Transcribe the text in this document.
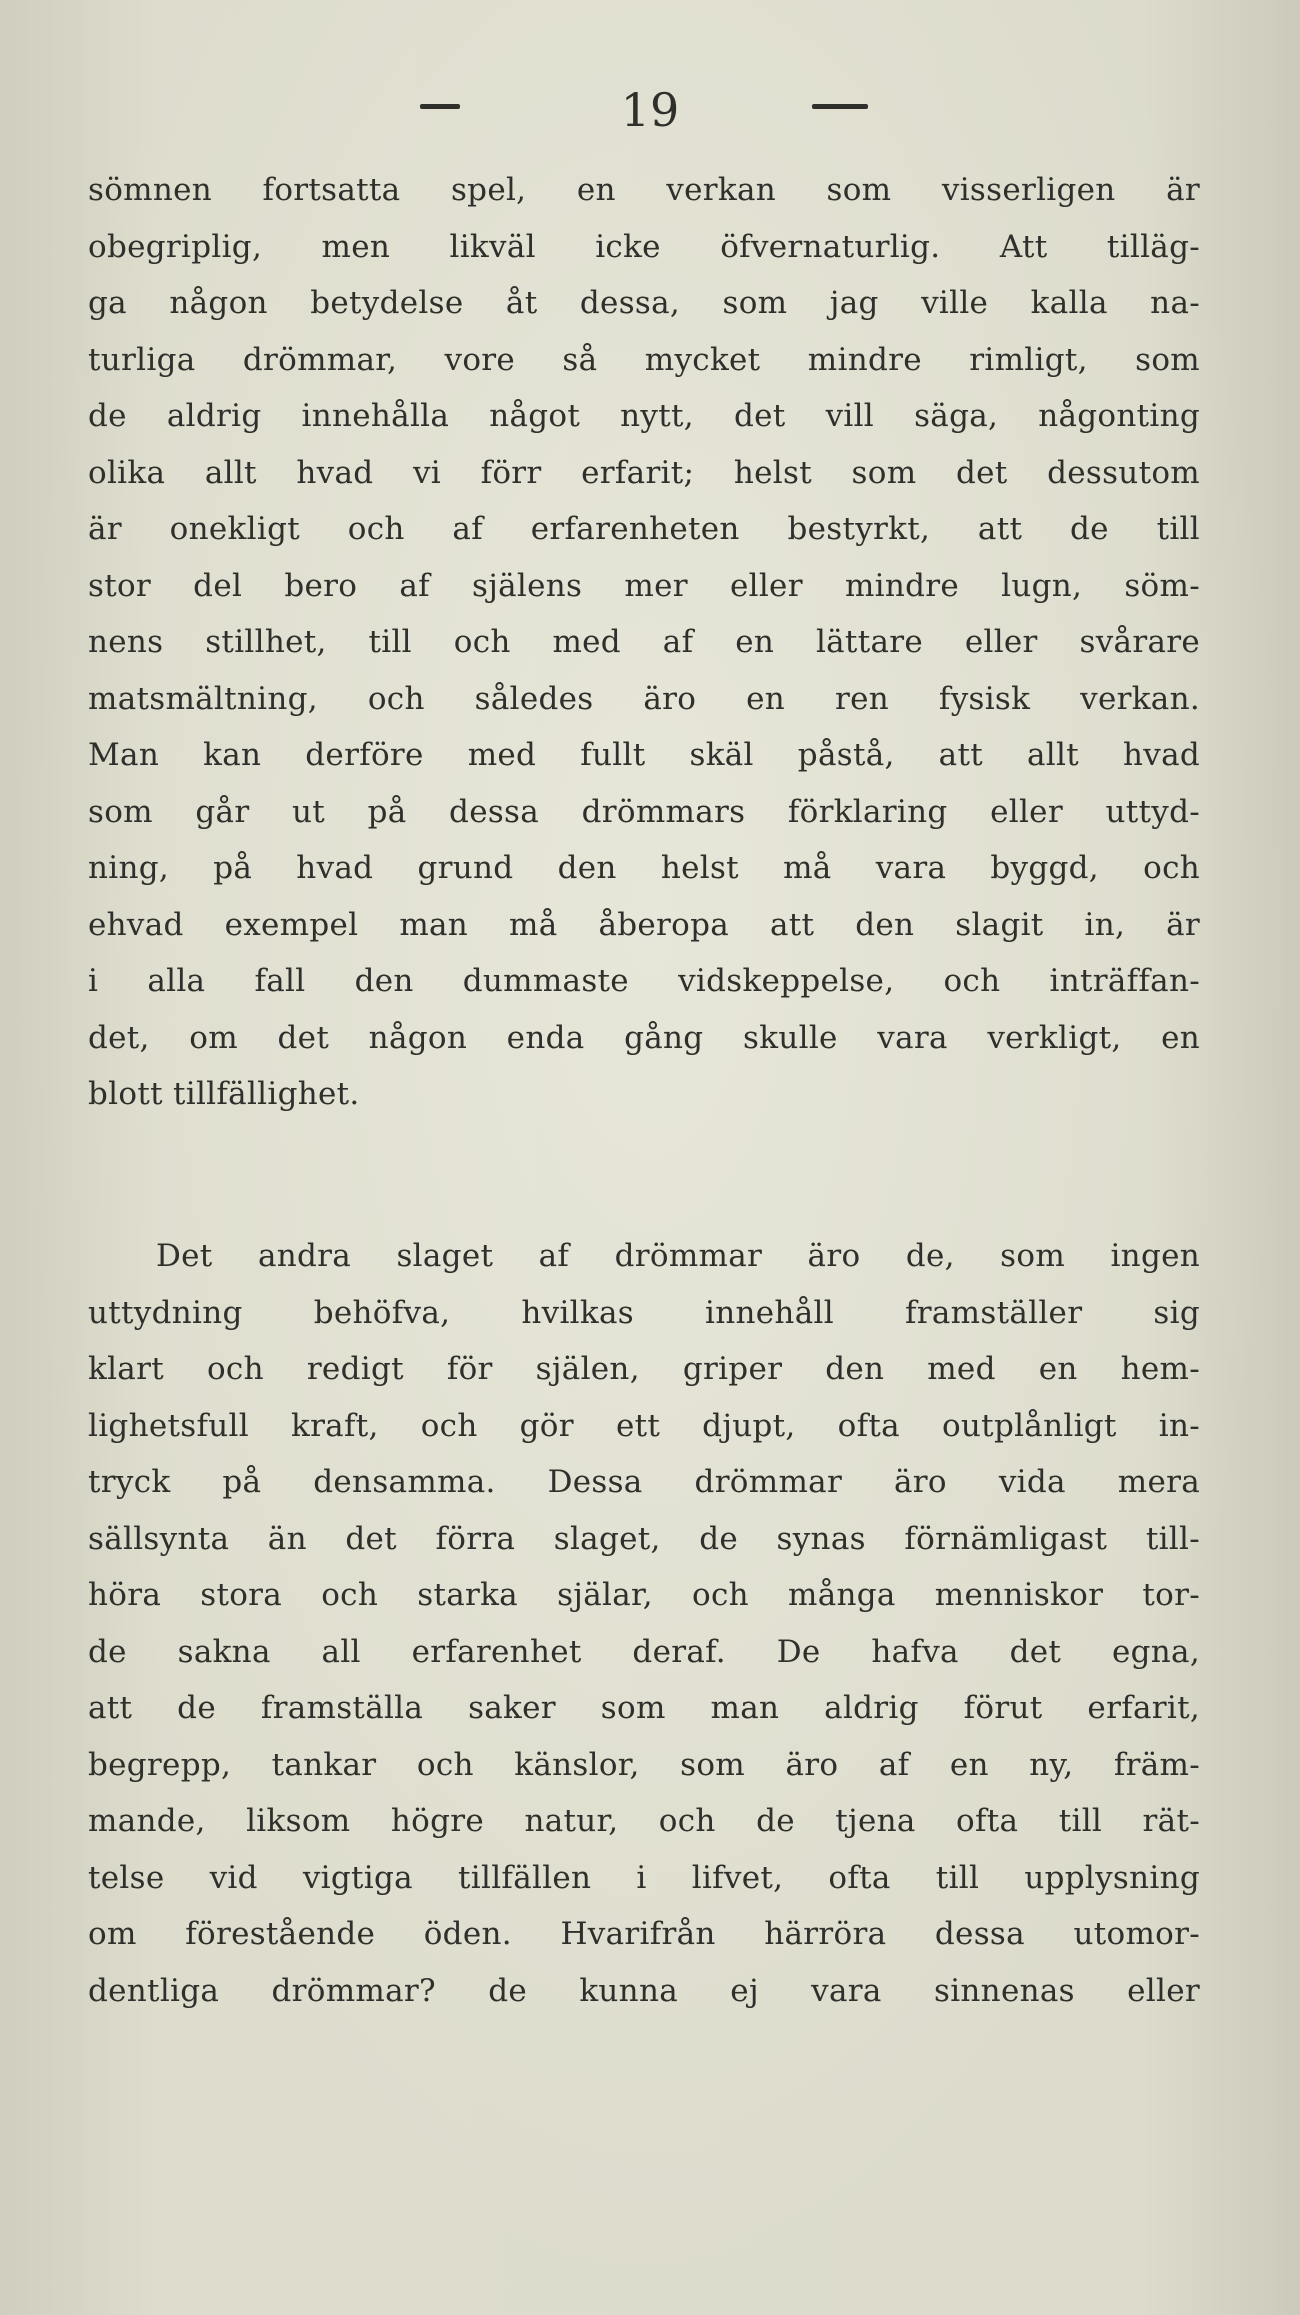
19
sömnen fortsatta spel, en verkan som visserligen är
obegriplig, men likväl icke öfvernaturlig. Att tilläg-
ga någon betydelse åt dessa, som jag ville kalla na-
turliga drömmar, vore så mycket mindre rimligt, som
de aldrig innehålla något nytt, det vill säga, någonting
olika allt hvad vi förr erfarit; helst som det dessutom
är onekligt och af erfarenheten bestyrkt, att de till
stor del bero af själens mer eller mindre lugn, söm-
nens stillhet, till och med af en lättare eller svårare
matsmältning, och således äro en ren fysisk verkan.
Man kan derföre med fullt skäl påstå, att allt hvad
som går ut på dessa drömmars förklaring eller uttyd-
ning, på hvad grund den helst må vara byggd, och
ehvad exempel man må åberopa att den slagit in, är
i alla fall den dummaste vidskeppelse, och inträffan-
det, om det någon enda gång skulle vara verkligt, en
blott tillfällighet.
Det andra slaget af drömmar äro de, som ingen
uttydning behöfva, hvilkas innehåll framställer sig
klart och redigt för själen, griper den med en hem-
lighetsfull kraft, och gör ett djupt, ofta outplånligt in-
tryck på densamma. Dessa drömmar äro vida mera
sällsynta än det förra slaget, de synas förnämligast till-
höra stora och starka själar, och många menniskor tor-
de sakna all erfarenhet deraf. De hafva det egna,
att de framställa saker som man aldrig förut erfarit,
begrepp, tankar och känslor, som äro af en ny, främ-
mande, liksom högre natur, och de tjena ofta till rät-
telse vid vigtiga tillfällen i lifvet, ofta till upplysning
om förestående öden. Hvarifrån härröra dessa utomor-
dentliga drömmar? de kunna ej vara sinnenas eller
